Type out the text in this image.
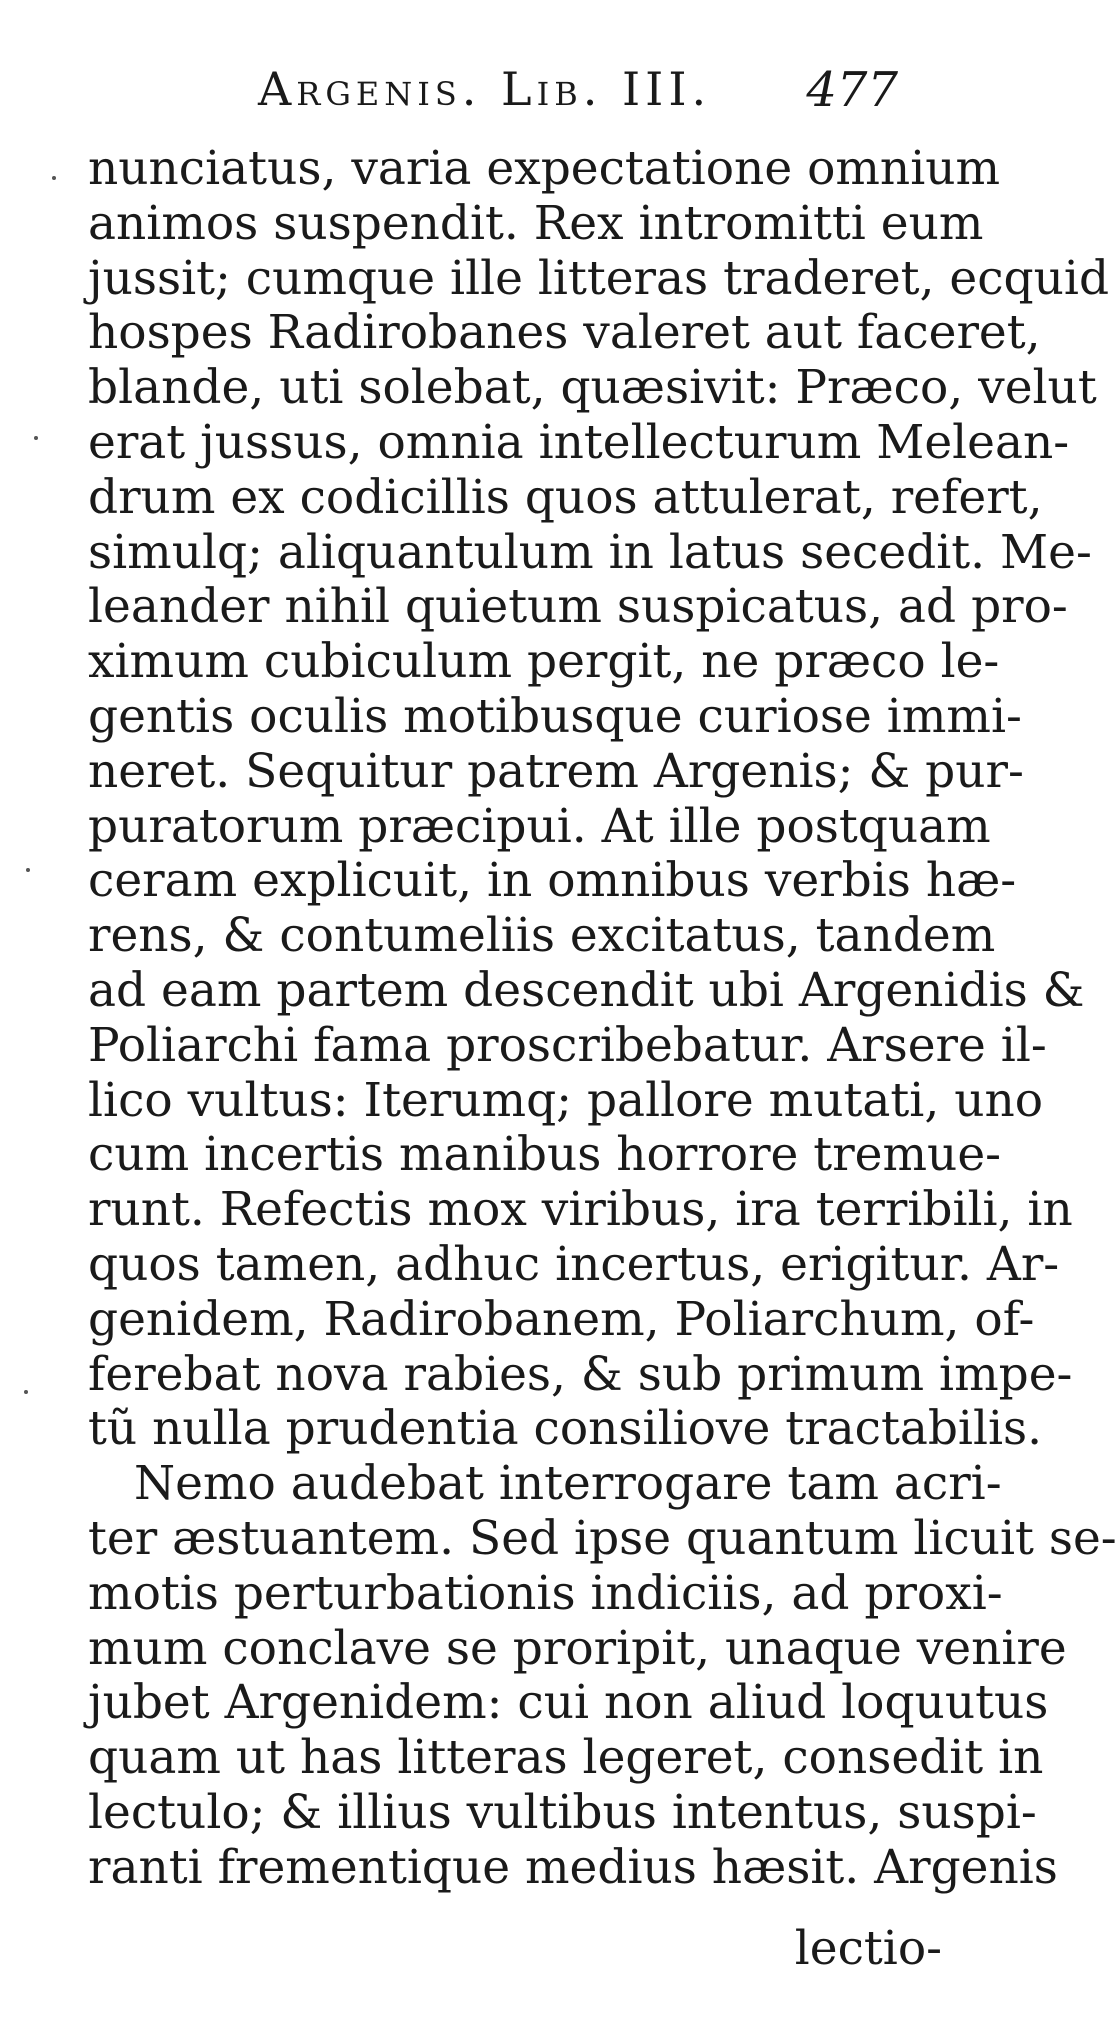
Argenis. Lib. III. 477
nunciatus, varia expectatione omnium
animos suspendit. Rex intromitti eum
jussit; cumque ille litteras traderet, ecquid
hospes Radirobanes valeret aut faceret,
blande, uti solebat, quæsivit: Præco, velut
erat jussus, omnia intellecturum Melean-
drum ex codicillis quos attulerat, refert,
simulq; aliquantulum in latus secedit. Me-
leander nihil quietum suspicatus, ad pro-
ximum cubiculum pergit, ne præco le-
gentis oculis motibusque curiose immi-
neret. Sequitur patrem Argenis; & pur-
puratorum præcipui. At ille postquam
ceram explicuit, in omnibus verbis hæ-
rens, & contumeliis excitatus, tandem
ad eam partem descendit ubi Argenidis &
Poliarchi fama proscribebatur. Arsere il-
lico vultus: Iterumq; pallore mutati, uno
cum incertis manibus horrore tremue-
runt. Refectis mox viribus, ira terribili, in
quos tamen, adhuc incertus, erigitur. Ar-
genidem, Radirobanem, Poliarchum, of-
ferebat nova rabies, & sub primum impe-
tũ nulla prudentia consiliove tractabilis.
Nemo audebat interrogare tam acri-
ter æstuantem. Sed ipse quantum licuit se-
motis perturbationis indiciis, ad proxi-
mum conclave se proripit, unaque venire
jubet Argenidem: cui non aliud loquutus
quam ut has litteras legeret, consedit in
lectulo; & illius vultibus intentus, suspi-
ranti frementique medius hæsit. Argenis
lectio-
